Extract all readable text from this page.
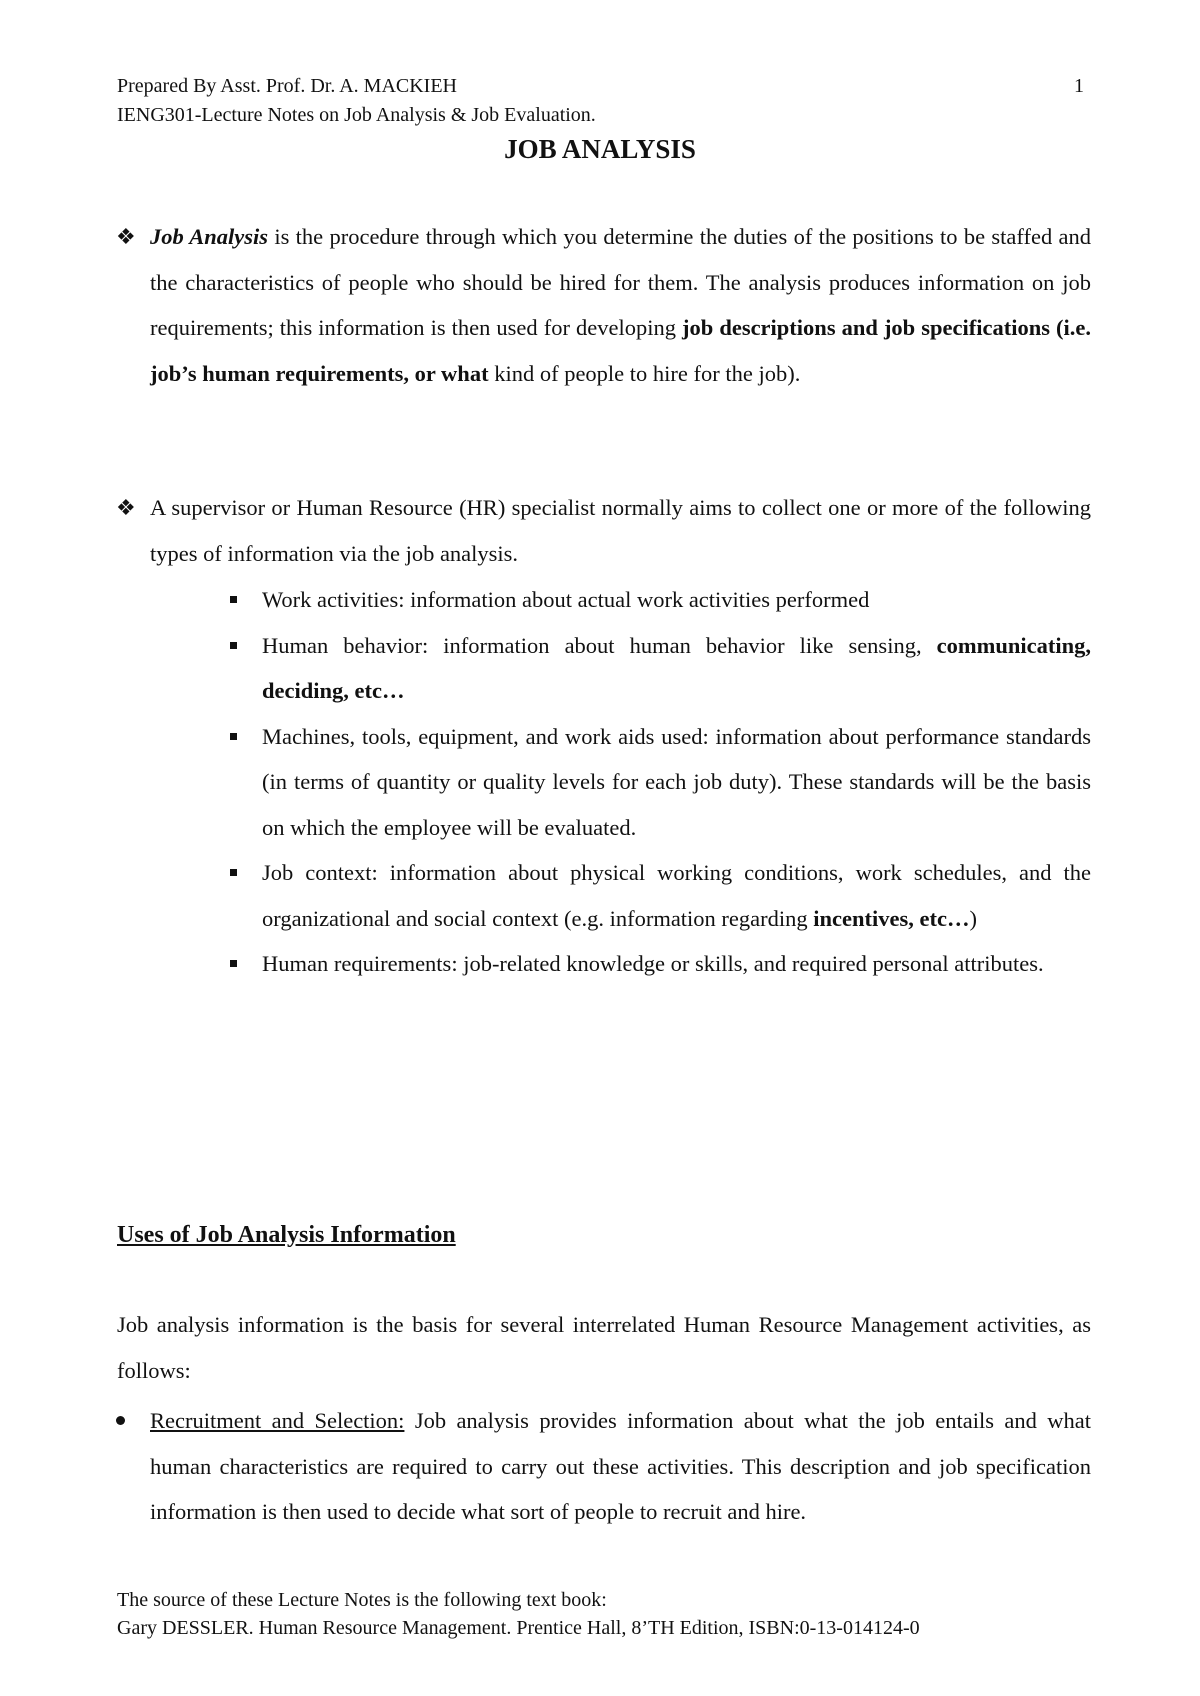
Prepared By Asst. Prof. Dr. A. MACKIEH	1
IENG301-Lecture Notes on Job Analysis & Job Evaluation.
JOB ANALYSIS
❖ Job Analysis is the procedure through which you determine the duties of the positions to be staffed and the characteristics of people who should be hired for them. The analysis produces information on job requirements; this information is then used for developing job descriptions and job specifications (i.e. job’s human requirements, or what kind of people to hire for the job).
❖ A supervisor or Human Resource (HR) specialist normally aims to collect one or more of the following types of information via the job analysis.
Work activities: information about actual work activities performed
Human behavior: information about human behavior like sensing, communicating, deciding, etc…
Machines, tools, equipment, and work aids used: information about performance standards (in terms of quantity or quality levels for each job duty). These standards will be the basis on which the employee will be evaluated.
Job context: information about physical working conditions, work schedules, and the organizational and social context (e.g. information regarding incentives, etc…)
Human requirements: job-related knowledge or skills, and required personal attributes.
Uses of Job Analysis Information
Job analysis information is the basis for several interrelated Human Resource Management activities, as follows:
Recruitment and Selection: Job analysis provides information about what the job entails and what human characteristics are required to carry out these activities. This description and job specification information is then used to decide what sort of people to recruit and hire.
The source of these Lecture Notes is the following text book:
Gary DESSLER. Human Resource Management. Prentice Hall, 8’TH Edition, ISBN:0-13-014124-0
